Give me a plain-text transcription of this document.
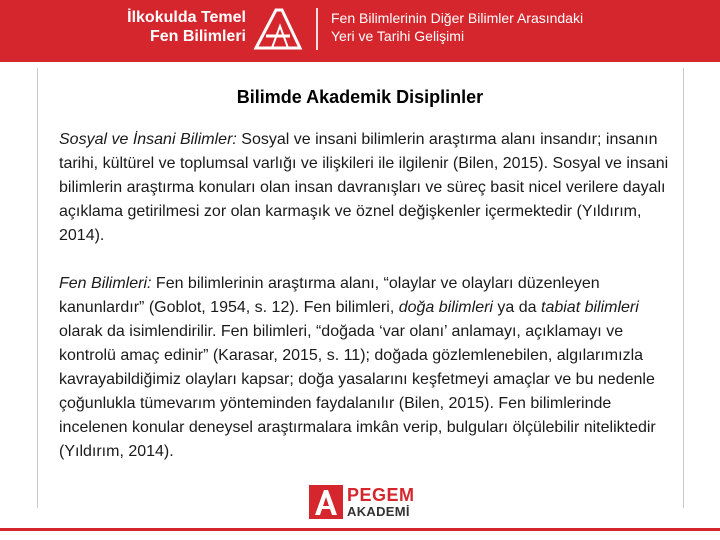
İlkokulda Temel
Fen Bilimleri
Fen Bilimlerinin Diğer Bilimler Arasındaki
Yeri ve Tarihi Gelişimi
Bilimde Akademik Disiplinler

Sosyal ve İnsani Bilimler: Sosyal ve insani bilimlerin araştırma alanı insandır; insanın tarihi, kültürel ve toplumsal varlığı ve ilişkileri ile ilgilenir (Bilen, 2015). Sosyal ve insani bilimlerin araştırma konuları olan insan davranışları ve süreç basit nicel verilere dayalı açıklama getirilmesi zor olan karmaşık ve öznel değişkenler içermektedir (Yıldırım, 2014).

Fen Bilimleri: Fen bilimlerinin araştırma alanı, “olaylar ve olayları düzenleyen kanunlardır” (Goblot, 1954, s. 12). Fen bilimleri, doğa bilimleri ya da tabiat bilimleri olarak da isimlendirilir. Fen bilimleri, “doğada ‘var olanı’ anlamayı, açıklamayı ve kontrolü amaç edinir” (Karasar, 2015, s. 11); doğada gözlemlenebilen, algılarımızla kavrayabildiğimiz olayları kapsar; doğa yasalarını keşfetmeyi amaçlar ve bu nedenle çoğunlukla tümevarım yönteminden faydalanılır (Bilen, 2015). Fen bilimlerinde incelenen konular deneysel araştırmalara imkân verip, bulguları ölçülebilir niteliktedir (Yıldırım, 2014).

PEGEM
AKADEMİ
